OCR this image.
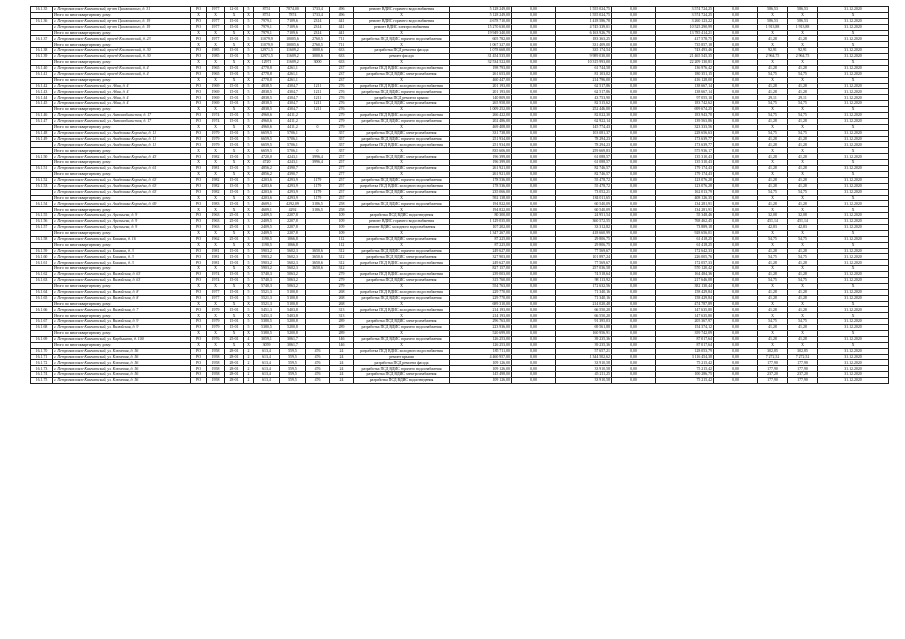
16.1.35	г. Петропавловск-Камчатский, пр-кт Циолковского, д. 31	РО	1977	12-01	5	8751	7874,00	1733,4	496	ремонт ВДИС горячего водоснабжения	5 128 249,00	0,00	1 555 024,75	0,00	3 574 724,25	0,00	586,53	586,53	31.12.2020
	Итого по многоквартирному дому:	Х	Х	Х	Х	8751	7874	1733,4	496	Х	5 128 249,00	0,00	1 555 024,75	0,00	3 574 724,25	0,00	Х	Х	Х
16.1.36	г. Петропавловск-Камчатский, пр-кт Циолковского, д. 19	РО	1977	15-01	5	7979,1	7109,6	2314	441	ремонт ВДИС горячего водоснабжения	4 678 710,00	0,00	1 418 586,78	0,00	3 260 123,22	0,00	586,53	586,53	31.12.2020
	г. Петропавловск-Камчатский, пр-кт Циолковского, д. 19	РО	1977	15-01	5	7979,1	7109,6	2314	441	ремонт ВДИС электроснабжения	15 270 630,00	0,00	4 745 339,01	0,00	10 525 290,99	0,00	1 913,88	1 913,88	31.12.2020
	Итого по многоквартирному дому:	Х	Х	Х	Х	7979,1	7109,6	2314	441	Х	19 949 340,00	0,00	6 163 926,79	0,00	13 785 414,21	0,00	Х	Х	Х
16.1.37	г. Петропавловск-Камчатский, проезд Космический, д. 23	РО	1977	15-01	5	11079,9	10005,6	2760,5	711	разработка ПСД ВДИС горячего водоснабжения	605 782,00	0,00	183 363,25	0,00	417 578,75	0,00	41,28	41,28	31.12.2020
	Итого по многоквартирному дому:	Х	Х	Х	Х	11079,9	10005,6	2760,5	711	Х	1 067 327,00	0,00	331 409,00	0,00	735 857,18	0,00	Х	Х	Х
16.1.38	г. Петропавловск-Камчатский, проезд Космический, д. 30	РО	1985	15-01	5	12971,5	11609,2	3000,6	633	разработка ПСД ремонта фасада	1 078 668,00	0,00	335 174,54	0,00	743 493,46	0,00	92,91	92,91	31.12.2020
16.1.39	г. Петропавловск-Камчатский, проезд Космический, д. 30	РО	1985	15-01	5	12971,5	11609,2	3000,6	633	ремонт фасада	31 454 535,00	0,00	9 989 030,00	0,00	21 465 545,35	0,00	2 964,75	2 964,75	31.12.2020
	Итого по многоквартирному дому:	Х	Х	Х	Х	12971	11609,2	3000	633	Х	32 534 522,00	0,00	10 315 993,00	0,00	22 209 130,81	0,00	Х	Х	Х
16.1.40	г. Петропавловск-Камчатский, проезд Космический, д. 4	РО	1965	15-01	5	4778,8	4261,1		237	разработка ПСД ВДИС холодного водоснабжения	198 793,00	0,00	61 744,58	0,00	136 976,42	0,00	41,28	41,28	31.12.2020
16.1.41	г. Петропавловск-Камчатский, проезд Космический, д. 4	РО	1965	15-01	5	4778,8	4261,1		237	разработка ПСД ВДИС электроснабжения	261 653,00	0,00	81 103,02	0,00	180 351,15	0,00	54,75	54,75	31.12.2020
	Итого по многоквартирному дому:	Х	Х	Х	Х	4778,8	4261,1		237	Х	460 447,00	0,00	214 796,00	0,00	416 128,00	0,00	Х	Х	Х
16.1.42	г. Петропавловск-Камчатский, ул. Абая, д. 4	РО	1969	15-01	5	4838,5	4304,7	1211	276	разработка ПСД ВДИС холодного водоснабжения	201 193,00	0,00	62 517,86	0,00	138 667,14	0,00	41,28	41,28	31.12.2020
16.1.43	г. Петропавловск-Камчатский, ул. Абая, д. 4	РО	1969	15-01	5	4838,5	4304,7	1211	276	разработка ПСД ВДИС горячего водоснабжения	201 193,00	0,00	62 517,86	0,00	138 667,14	0,00	41,28	41,28	31.12.2020
16.1.44	г. Петропавловск-Камчатский, ул. Абая, д. 4	РО	1969	15-01	5	4838,5	4304,7	1211	276	разработка ПСД ремонта крыши	140 809,00	0,00	43 753,90	0,00	97 055,10	0,00	29,11	29,11	31.12.2020
16.1.45	г. Петропавловск-Камчатский, ул. Абая, д. 4	РО	1969	15-01	5	4838,5	4304,7	1211	276	разработка ПСД ВДИС электроснабжения	265 958,00	0,00	82 515,62	0,00	183 742,62	0,00	54,75	54,75	31.12.2020
	Итого по многоквартирному дому:	Х	Х	Х	Х	4838,5	4304,7	1211	276	Х	1 009 252,00	0,00	252 446,00	0,00	699 674,25	0,00	Х	Х	Х
16.1.46	г. Петропавловск-Камчатский, ул. Автомобилистов, д. 17	РО	1974	15-01	5	4960,6	4411,2		279	разработка ПСД ВДИС холодного водоснабжения	266 422,00	0,00	82 022,30	0,00	183 943,70	0,00	54,75	54,75	31.12.2020
16.1.47	г. Петропавловск-Камчатский, ул. Автомобилистов, д. 17	РО	1974	15-01	5	4960,6	4411,2		279	разработка ПСД ВДИС горячего водоснабжения	202 486,00	0,00	62 922,14	0,00	139 563,86	0,00	41,28	41,28	31.12.2020
	Итого по многоквартирному дому:	Х	Х	Х	Х	4960,6	4411,2	0	279	Х	469 408,00	0,00	145 774,43	0,00	323 333,56	0,00	Х	Х	Х
16.1.48	г. Петропавловск-Камчатский, ул. Академика Королёва, д. 11	РО	1979	15-01	5	6659,5	5706,1		357	разработка ПСД ВДИС электроснабжения	331 738,00	0,00	103 081,37	0,00	228 656,63	0,00	54,75	54,75	31.12.2020
16.1.49	г. Петропавловск-Камчатский, ул. Академика Королёва, д. 11	РО	1979	15-01	5	6659,5	5706,1		357	разработка ПСД ВДИС горячего водоснабжения	251 934,00	0,00	78 294,23	0,00	173 639,77	0,00	41,28	41,28	31.12.2020
	г. Петропавловск-Камчатский, ул. Академика Королёва, д. 11	РО	1979	15-01	5	6659,5	5706,1		357	разработка ПСД ВДИС холодного водоснабжения	251 934,00	0,00	78 294,23	0,00	173 639,77	0,00	41,28	41,28	31.12.2020
	Итого по многоквартирному дому:	Х	Х	Х	Х	6659,5	5706,1	0	357	Х	835 606,00	0,00	259 669,83	0,00	575 936,17	0,00	Х	Х	Х
16.1.50	г. Петропавловск-Камчатский, ул. Академика Королёва, д. 43	РО	1982	15-01	5	4720,0	4243,1	3996,4	257	разработка ПСД ВДИС электроснабжения	196 399,00	0,00	61 088,57	0,00	135 310,43	0,00	41,28	41,28	31.12.2020
	Итого по многоквартирному дому:	Х	Х	Х	Х	4720	4243,1	3996,4	257	Х	196 399,00	0,00	61 088,57	0,00	135 310,43	0,00	Х	Х	Х
16.1.51	г. Петропавловск-Камчатский, ул. Академика Королёва, д. 61	РО	1981	15-01	5	4856,2	4390,7		277	разработка ПСД ВДИС электроснабжения	261 921,00	0,00	82 746,57	0,00	179 174,43	0,00	41,28	41,28	31.12.2020
	Итого по многоквартирному дому:	Х	Х	Х	Х	4856,2	4390,7		277	Х	261 921,00	0,00	82 746,57	0,00	179 174,43	0,00	Х	Х	Х
16.1.52	г. Петропавловск-Камчатский, ул. Академика Королёва, д. 63	РО	1982	15-01	5	4203,6	4293,9	1179	257	разработка ПСД ВДИС горячего водоснабжения	178 536,00	0,00	55 478,72	0,00	123 076,28	0,00	41,28	41,28	31.12.2020
16.1.53	г. Петропавловск-Камчатский, ул. Академика Королёва, д. 63	РО	1982	15-01	5	4203,6	4293,9	1179	257	разработка ПСД ВДИС холодного водоснабжения	178 536,00	0,00	55 478,72	0,00	123 076,28	0,00	41,28	41,28	31.12.2020
	г. Петропавловск-Камчатский, ул. Академика Королёва, д. 63	РО	1982	15-01	5	4203,6	4293,9	1179	257	разработка ПСД ВДИС электроснабжения	235 066,00	0,00	73 052,21	0,00	162 013,79	0,00	54,75	54,75	31.12.2020
	Итого по многоквартирному дому:	Х	Х	Х	Х	4203,6	4293,9	1179	257	Х	592 138,00	0,00	184 011,65	0,00	408 126,35	0,00	Х	Х	Х
16.1.54	г. Петропавловск-Камчатский, ул. Академика Королёва, д. 69	РО	1983	15-01	5	4609,1	4292,09	3186,5	258	разработка ПСД ВДИС горячего водоснабжения	194 822,00	0,00	60 540,09	0,00	134 281,91	0,00	41,28	41,28	31.12.2020
	Итого по многоквартирному дому:	Х	Х	Х	Х	4609,1	4292	3186,5	258	Х	194 822,00	0,00	60 540,09	0,00	134 281,91	0,00	Х	Х	Х
16.1.55	г. Петропавловск-Камчатский, ул. Арсеньева, д. 9	РО	1963	25-01	3	2409,5	2207,8		109	разработка ПСД ВДИС водоотведения	80 300,00	0,00	24 951,54	0,00	55 348,46	0,00	32,08	32,08	31.12.2020
16.1.56	г. Петропавловск-Камчатский, ул. Арсеньева, д. 9	РО	1963	25-01	3	2409,5	2207,8		109	ремонт ВДИС горячего водоснабжения	1 129 035,00	0,00	360 572,55	0,00	768 462,45	0,00	451,14	451,14	31.12.2020
16.1.57	г. Петропавловск-Камчатский, ул. Арсеньева, д. 9	РО	1963	25-01	3	2409,5	2207,8		109	ремонт ВДИС холодного водоснабжения	107 202,00	0,00	33 312,82	0,00	73 889,18	0,00	42,83	42,83	31.12.2020
	Итого по многоквартирному дому:	Х	Х	Х	Х	2409,5	2207,8		109	Х	1 347 267,00	0,00	418 660,99	0,00	928 656,01	0,00	Х	Х	Х
16.1.58	г. Петропавловск-Камчатский, ул. Бохняка, д. 16	РО	1962	25-01	3	1190,5	1066,8		112	разработка ПСД ВДИС электроснабжения	87 225,00	0,00	29 806,75	0,00	61 418,25	0,00	54,75	54,75	31.12.2020
	Итого по многоквартирному дому:	Х	Х	Х	Х	1190,5	1066,8		112	Х	87 225,00	0,00	29 806,75	0,00	61 418,25	0,00	Х	Х	Х
16.1.59	г. Петропавловск-Камчатский, ул. Бохняка, д. 3	РО	1981	15-01	5	5903,2	5602,3	3650,6	312	разработка ПСД ВДИС горячего водоснабжения	249 627,00	0,00	77 569,67	0,00	172 642,33	0,00	41,28	41,28	31.12.2020
16.1.60	г. Петропавловск-Камчатский, ул. Бохняка, д. 3	РО	1981	15-01	5	5903,2	5602,3	3650,6	312	разработка ПСД ВДИС электроснабжения	327 903,00	0,00	101 897,24	0,00	226 005,76	0,00	54,75	54,75	31.12.2020
16.1.61	г. Петропавловск-Камчатский, ул. Бохняка, д. 3	РО	1981	15-01	5	5903,2	5602,3	3650,6	312	разработка ПСД ВДИС холодного водоснабжения	249 627,00	0,00	77 569,67	0,00	172 057,33	0,00	41,28	41,28	31.12.2020
	Итого по многоквартирному дому:	Х	Х	Х	Х	5903,2	5602,3	3650,6	312	Х	827 157,00	0,00	257 036,58	0,00	570 120,42	0,00	Х	Х	Х
16.1.62	г. Петропавловск-Камчатский, ул. Вилюйская, д. 63	РО	1974	15-01	5	5740,3	5063,2		279	разработка ПСД ВДИС холодного водоснабжения	239 003,00	0,00	74 518,64	0,00	164 484,36	0,00	41,28	41,28	31.12.2020
16.1.63	г. Петропавловск-Камчатский, ул. Вилюйская, д. 63	РО	1974	15-01	5	5740,3	5063,2		279	разработка ПСД ВДИС электроснабжения	315 760,00	0,00	98 113,92	0,00	217 646,08	0,00	54,75	54,75	31.12.2020
	Итого по многоквартирному дому:	Х	Х	Х	Х	5740,3	5063,2		279	Х	554 763,00	0,00	172 632,56	0,00	382 130,44	0,00	Х	Х	Х
16.1.64	г. Петропавловск-Камчатский, ул. Вилюйская, д. 8	РО	1977	15-01	5	5521,3	5100,8		268	разработка ПСД ВДИС холодного водоснабжения	229 770,00	0,00	71 340,16	0,00	158 429,84	0,00	41,28	41,28	31.12.2020
16.1.65	г. Петропавловск-Камчатский, ул. Вилюйская, д. 8	РО	1977	15-01	5	5521,3	5100,8		268	разработка ПСД ВДИС горячего водоснабжения	229 770,00	0,00	71 340,16	0,00	158 429,84	0,00	41,28	41,28	31.12.2020
	Итого по многоквартирному дому:	Х	Х	Х	Х	5521,3	5100,8		268	Х	689 310,00	0,00	214 020,48	0,00	474 787,89	0,00	Х	Х	Х
16.1.66	г. Петропавловск-Камчатский, ул. Вилюйская, д. 7	РО	1979	15-01	5	5451,3	5403,8		313	разработка ПСД ВДИС холодного водоснабжения	214 193,00	0,00	66 550,20	0,00	147 635,80	0,00	41,28	41,28	31.12.2020
	Итого по многоквартирному дому:	Х	Х	Х	Х	5451,3	5403,8		313	Х	214 193,00	0,00	66 550,20	0,00	147 635,80	0,00	Х	Х	Х
16.1.67	г. Петропавловск-Камчатский, ул. Вилюйская, д. 9	РО	1979	15-01	5	5380,5	5200,8		289	разработка ПСД ВДИС электроснабжения	296 763,00	0,00	91 395,03	0,00	205 367,97	0,00	54,75	54,75	31.12.2020
16.1.68	г. Петропавловск-Камчатский, ул. Вилюйская, д. 9	РО	1979	15-01	5	5380,5	5200,8		289	разработка ПСД ВДИС горячего водоснабжения	223 936,00	0,00	69 561,88	0,00	154 374,12	0,00	41,28	41,28	31.12.2020
	Итого по многоквартирному дому:	Х	Х	Х	Х	5380,5	5200,8		289	Х	520 699,00	0,00	160 956,91	0,00	359 742,09	0,00	Х	Х	Х
16.1.69	г. Петропавловск-Камчатский, ул. Карбышева, д. 100	РО	1976	25-01	4	3059,1	3061,7		146	разработка ПСД ВДИС горячего водоснабжения	126 253,00	0,00	39 235,36	0,00	87 017,64	0,00	41,28	41,28	31.12.2020
	Итого по многоквартирному дому:	Х	Х	Х	Х	3059	3061,7		146	Х	126 253,00	0,00	39 235,36	0,00	87 017,64	0,00	Х	Х	Х
16.1.70	г. Петропавловск-Камчатский, ул. Ключевая, д. 56	РО	1958	28-01	2	613,4	559,5	476	24	разработка ПСД ВДИС холодного водоснабжения	185 711,00	0,00	57 657,21	0,00	128 053,79	0,00	302,85	302,85	31.12.2020
16.1.71	г. Петропавловск-Камчатский, ул. Ключевая, д. 56	РО	1958	28-01	2	613,4	559,5	476	24	ремонт крыши	4 460 957,00	0,00	1 344 502,62	0,00	3 116 454,38	0,00	7 272,52	7 272,52	31.12.2020
16.1.72	г. Петропавловск-Камчатский, ул. Ключевая, д. 56	РО	1958	28-01	2	613,4	559,5	476	24	разработка ПСД ремонта фасада	109 126,00	0,00	33 910,58	0,00	75 215,42	0,00	177,90	177,90	31.12.2020
16.1.73	г. Петропавловск-Камчатский, ул. Ключевая, д. 56	РО	1958	28-01	2	613,4	559,5	476	24	разработка ПСД ВДИС горячего водоснабжения	109 126,00	0,00	33 910,58	0,00	75 215,42	0,00	177,90	177,90	31.12.2020
16.1.74	г. Петропавловск-Камчатский, ул. Ключевая, д. 56	РО	1958	28-01	2	613,4	559,5	476	24	разработка ПСД ВДИС электроснабжения	145 498,00	0,00	45 211,25	0,00	100 286,75	0,00	237,20	237,20	31.12.2020
16.1.75	г. Петропавловск-Камчатский, ул. Ключевая, д. 56	РО	1958	28-01	2	613,4	559,5	476	24	разработка ПСД ВДИС водоотведения	109 126,00	0,00	33 910,58	0,00	75 215,42	0,00	177,90	177,90	31.12.2020
